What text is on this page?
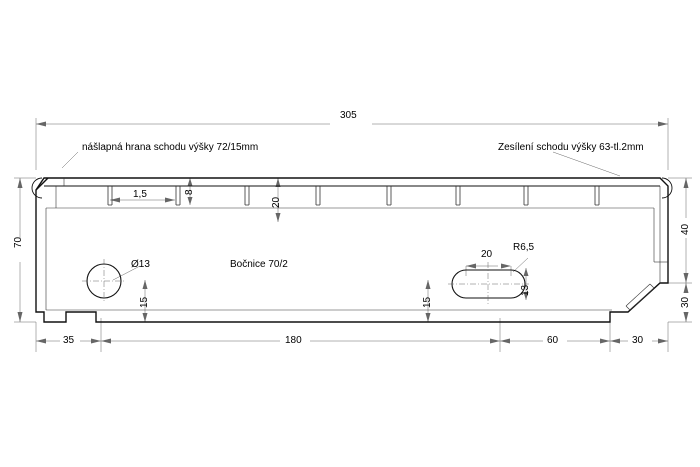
305
70
40
30
35	180	60	30
1,5	8
20
Ø13
15	15
20
R6,5
13
Bočnice 70/2
nášlapná hrana schodu výšky 72/15mm	Zesílení schodu výšky 63-tl.2mm
